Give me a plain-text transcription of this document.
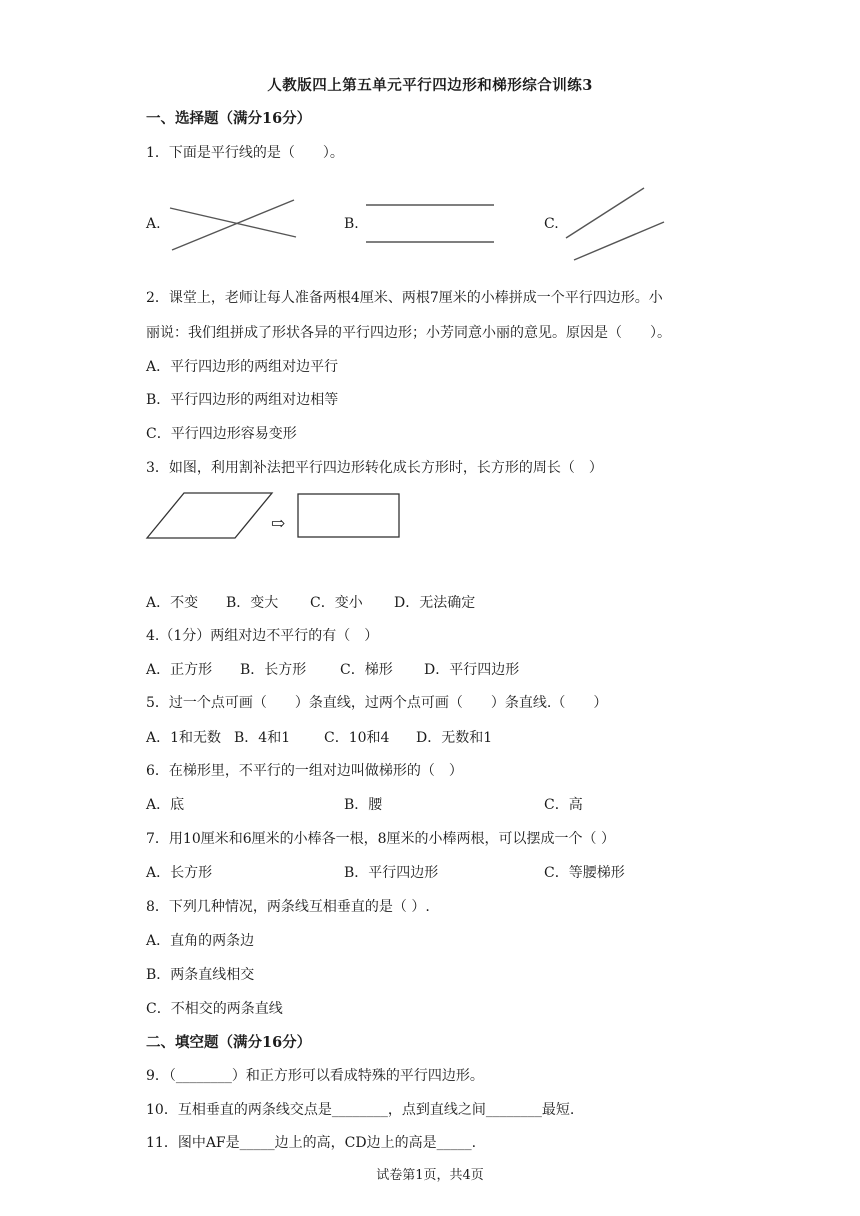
人教版四上第五单元平行四边形和梯形综合训练3
一、选择题（满分16分）
1．下面是平行线的是（　　）。
A.	B.	C.
2．课堂上，老师让每人准备两根4厘米、两根7厘米的小棒拼成一个平行四边形。小
丽说：我们组拼成了形状各异的平行四边形；小芳同意小丽的意见。原因是（　　）。
A．平行四边形的两组对边平行
B．平行四边形的两组对边相等
C．平行四边形容易变形
3．如图，利用割补法把平行四边形转化成长方形时，长方形的周长（　）
⇨
A．不变 B．变大 C．变小 D．无法确定
4.（1分）两组对边不平行的有（　）
A．正方形 B．长方形 C．梯形 D．平行四边形
5．过一个点可画（　　）条直线，过两个点可画（　　）条直线.（　　）
A．1和无数 B．4和1 C．10和4 D．无数和1
6．在梯形里，不平行的一组对边叫做梯形的（　）
A．底	B．腰	C．高
7．用10厘米和6厘米的小棒各一根，8厘米的小棒两根，可以摆成一个（ ）
A．长方形	B．平行四边形	C．等腰梯形
8．下列几种情况，两条线互相垂直的是（ ）.
A．直角的两条边
B．两条直线相交
C．不相交的两条直线
二、填空题（满分16分）
9．（________）和正方形可以看成特殊的平行四边形。
10．互相垂直的两条线交点是________，点到直线之间________最短.
11．图中AF是_____边上的高，CD边上的高是_____.
试卷第1页，共4页
